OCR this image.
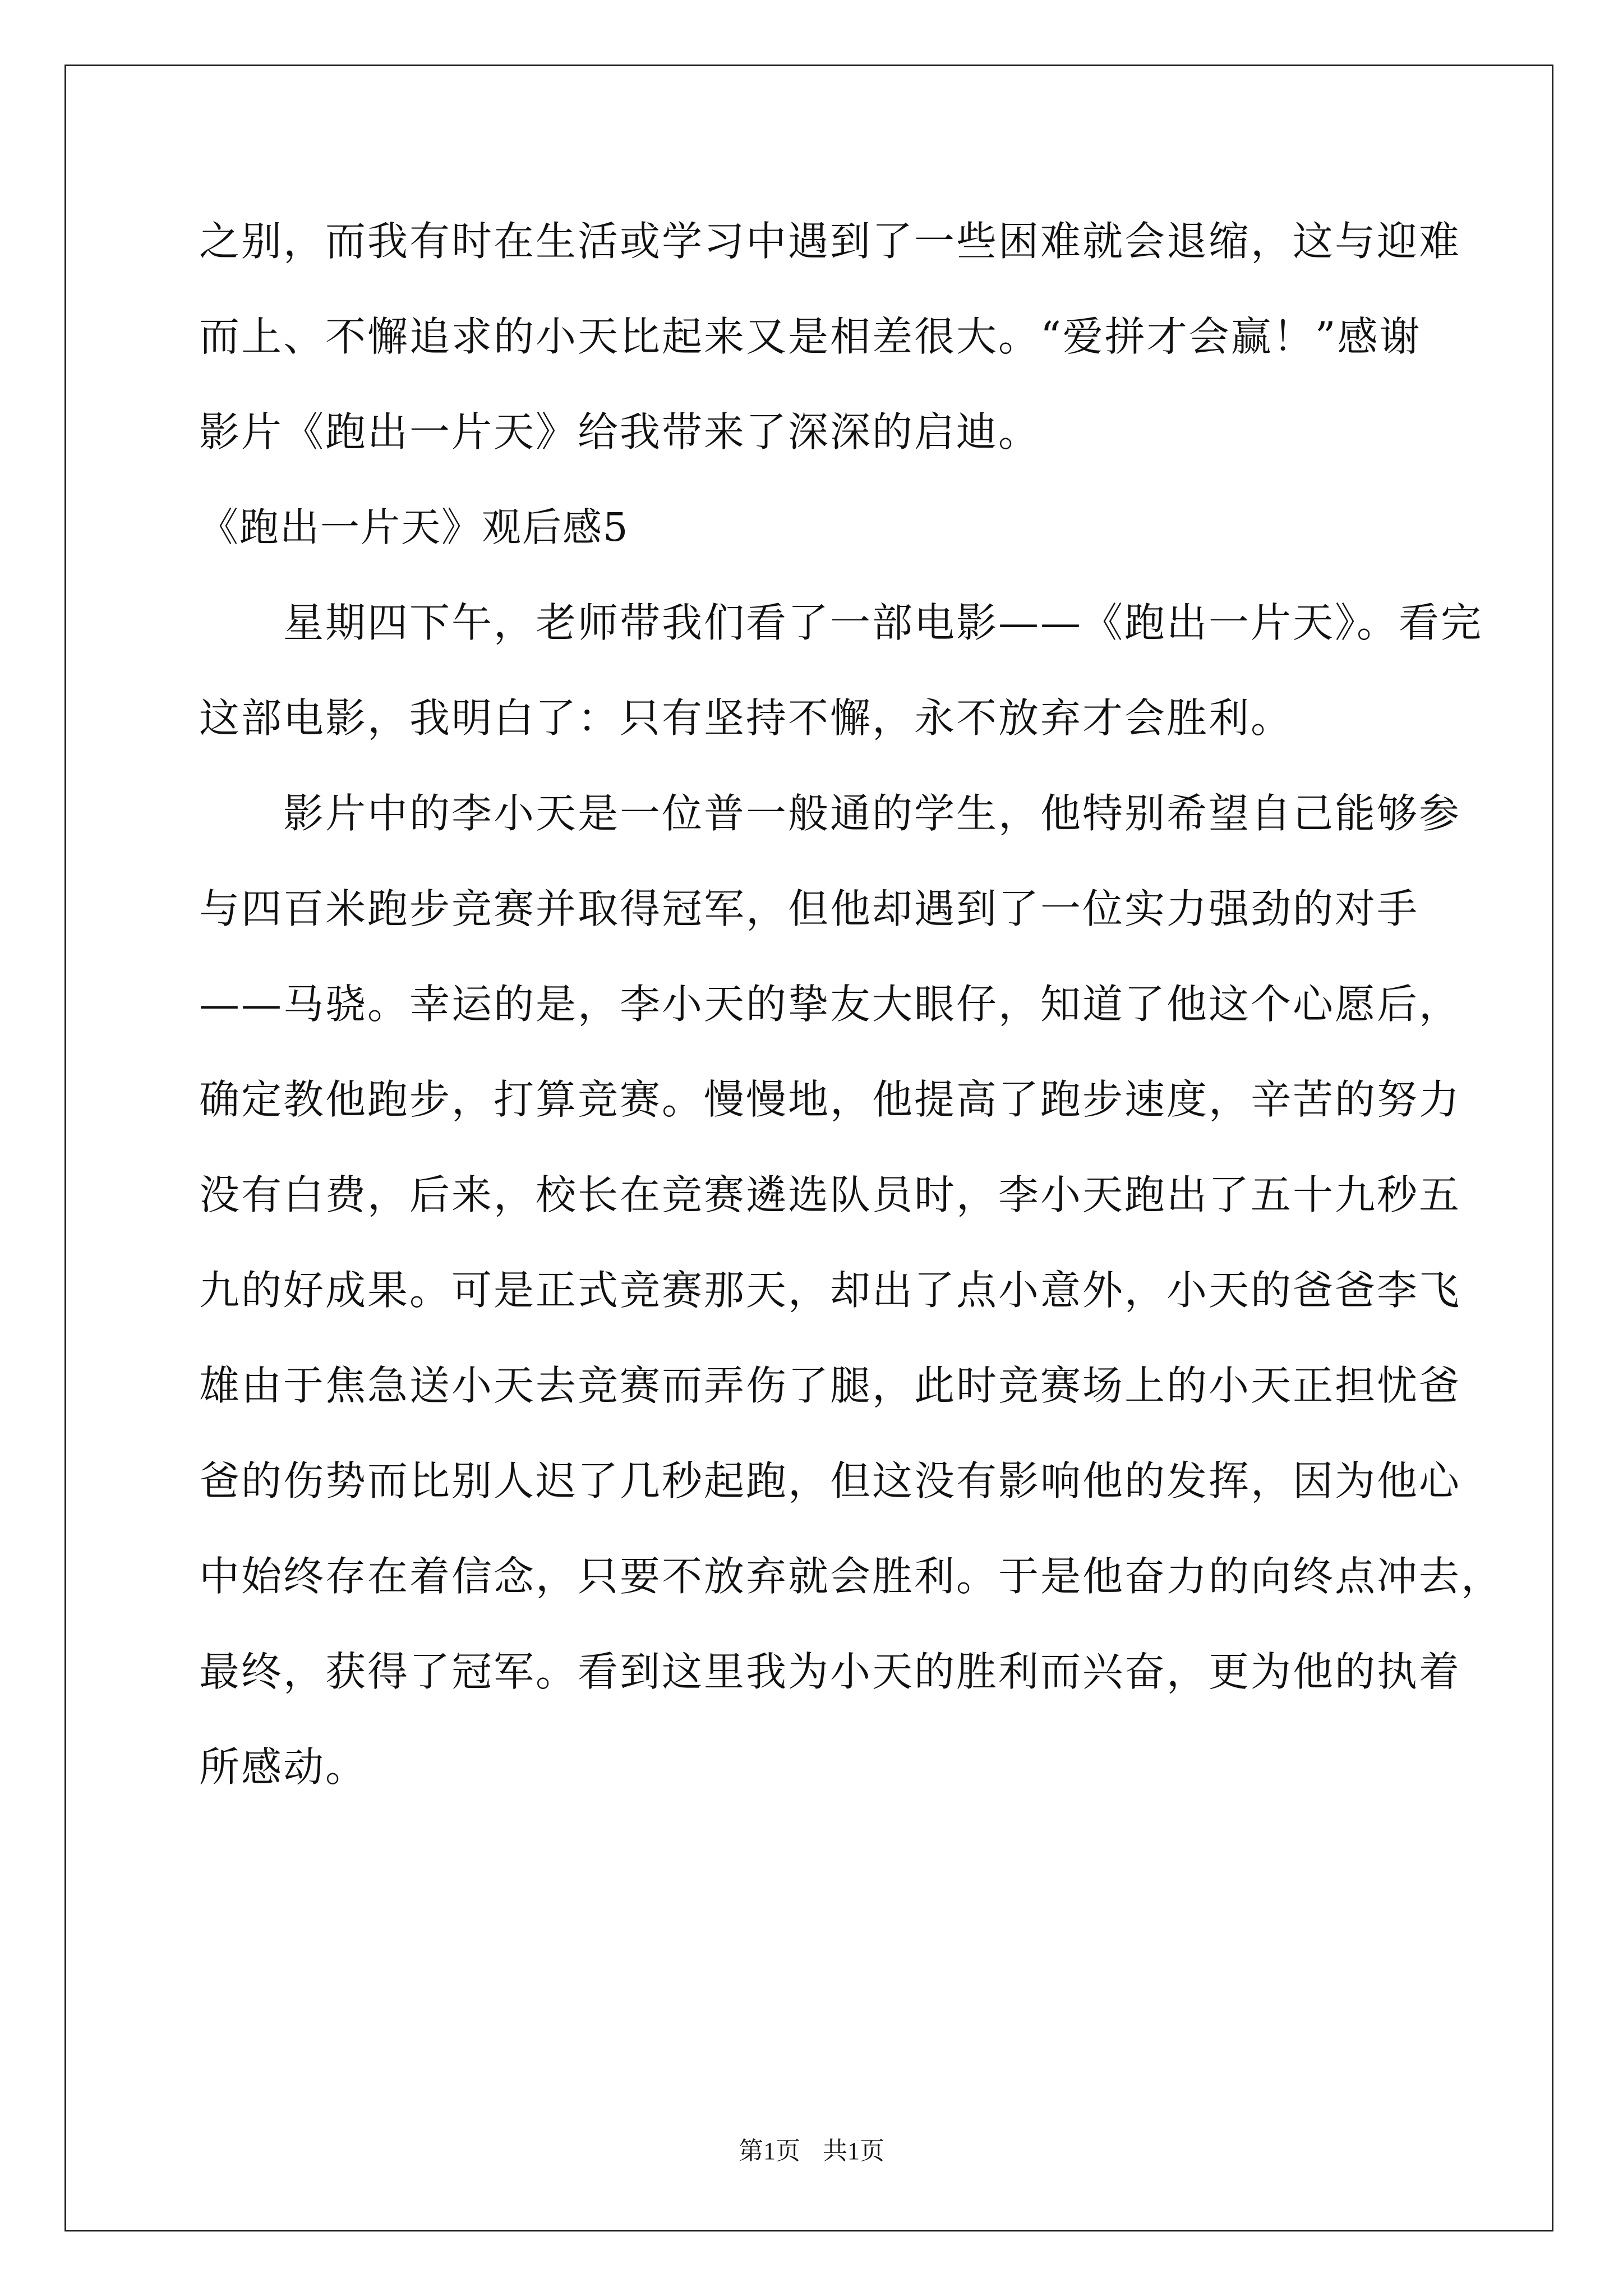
之别，而我有时在生活或学习中遇到了一些困难就会退缩，这与迎难
而上、不懈追求的小天比起来又是相差很大。“爱拼才会赢！”感谢
影片《跑出一片天》给我带来了深深的启迪。
《跑出一片天》观后感5
　　星期四下午，老师带我们看了一部电影——《跑出一片天》。看完
这部电影，我明白了：只有坚持不懈，永不放弃才会胜利。
　　影片中的李小天是一位普一般通的学生，他特别希望自己能够参
与四百米跑步竞赛并取得冠军，但他却遇到了一位实力强劲的对手
——马骁。幸运的是，李小天的挚友大眼仔，知道了他这个心愿后，
确定教他跑步，打算竞赛。慢慢地，他提高了跑步速度，辛苦的努力
没有白费，后来，校长在竞赛遴选队员时，李小天跑出了五十九秒五
九的好成果。可是正式竞赛那天，却出了点小意外，小天的爸爸李飞
雄由于焦急送小天去竞赛而弄伤了腿，此时竞赛场上的小天正担忧爸
爸的伤势而比别人迟了几秒起跑，但这没有影响他的发挥，因为他心
中始终存在着信念，只要不放弃就会胜利。于是他奋力的向终点冲去，
最终，获得了冠军。看到这里我为小天的胜利而兴奋，更为他的执着
所感动。
第1页 共1页
